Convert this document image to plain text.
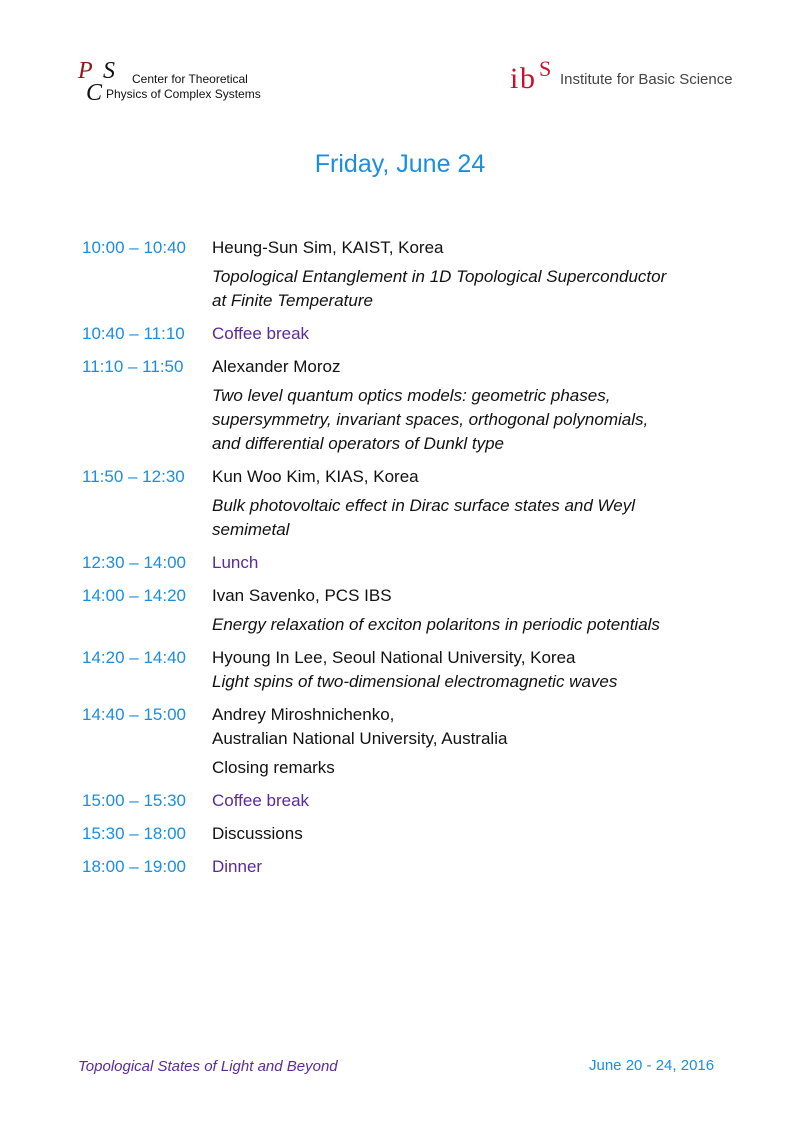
P S
C
Center for Theoretical
Physics of Complex Systems	i b S Institute for Basic Science
Friday, June 24
10:00 – 10:40	Heung-Sun Sim, KAIST, Korea
Topological Entanglement in 1D Topological Superconductor
at Finite Temperature
10:40 – 11:10	Coffee break
11:10 – 11:50	Alexander Moroz
Two level quantum optics models: geometric phases,
supersymmetry, invariant spaces, orthogonal polynomials,
and differential operators of Dunkl type
11:50 – 12:30	Kun Woo Kim, KIAS, Korea
Bulk photovoltaic effect in Dirac surface states and Weyl
semimetal
12:30 – 14:00	Lunch
14:00 – 14:20	Ivan Savenko, PCS IBS
Energy relaxation of exciton polaritons in periodic potentials
14:20 – 14:40	Hyoung In Lee, Seoul National University, Korea
Light spins of two-dimensional electromagnetic waves
14:40 – 15:00	Andrey Miroshnichenko,
Australian National University, Australia
Closing remarks
15:00 – 15:30	Coffee break
15:30 – 18:00	Discussions
18:00 – 19:00	Dinner
Topological States of Light and Beyond	June 20 - 24, 2016
